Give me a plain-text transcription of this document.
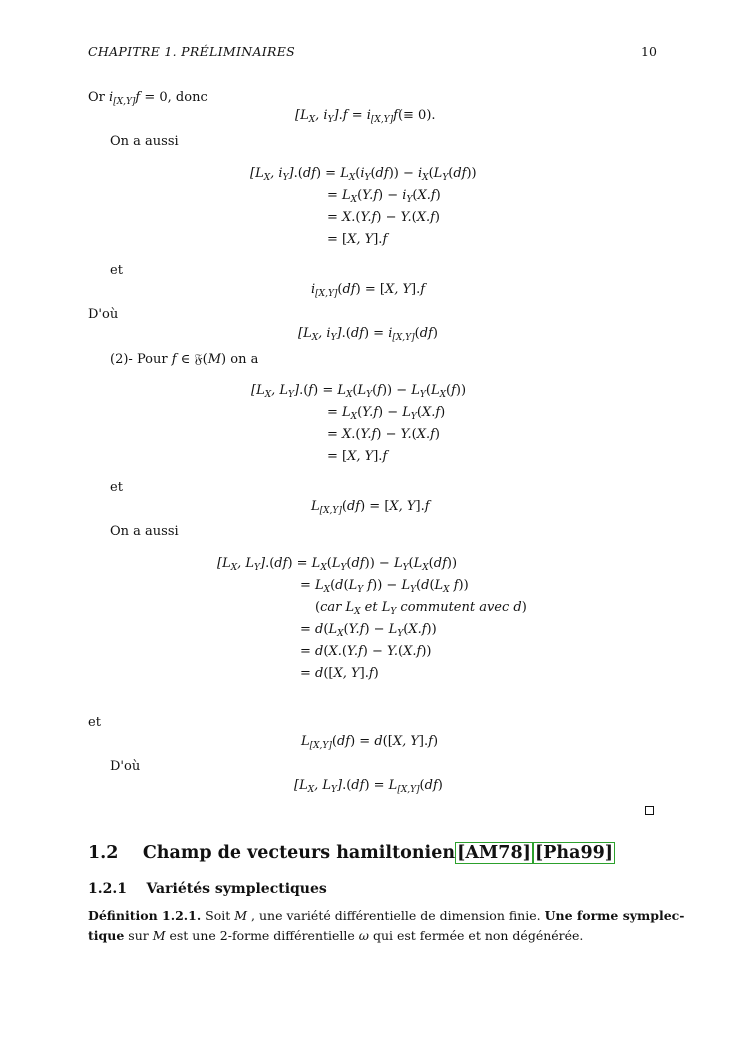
CHAPITRE 1. PRÉLIMINAIRES	10
Or $i_{[X,Y]}f = 0$, donc
[$L_X$, $i_Y].f = i_{[X,Y]}f(\equiv 0)$.
On a aussi
[$L_X$, $i_Y].(df) = L_X(i_Y(df)) - i_X(L_Y(df))$
= $L_X(Y.f) - i_Y(X.f)$
= X.(Y.f) − Y.(X.f)
= [X, Y].f
et
$i_{[X,Y]}(df) = [X$, Y].f
D'où
[$L_X$, $i_Y].(df) = i_{[X,Y]}(df)$
(2)- Pour f ∈ 𝔉(M) on a
[$L_X$, $L_Y].(f) = L_X(L_Y(f)) - L_Y(L_X(f))$
= $L_X(Y.f) - L_Y(X.f)$
= X.(Y.f) − Y.(X.f)
= [X, Y].f
et
$L_{[X,Y]}(df) = [X$, Y].f
On a aussi
[$L_X$, $L_Y].(df) = L_X(L_Y(df)) - L_Y(L_X(df))$
= $L_X(d(L_Y$ $f)) - L_Y(d(L_X$ f))
(car $L_X$ et $L_Y$ commutent avec d)
= $d(L_X(Y.f) - L_Y(X.f))$
= d(X.(Y.f) − Y.(X.f))
= d([X, Y].f)
et
$L_{[X,Y]}(df) = d([X$, Y].f)
D'où
[$L_X$, $L_Y].(df) = L_{[X,Y]}(df)$
1.2 Champ de vecteurs hamiltonien [AM78] [Pha99]
1.2.1 Variétés symplectiques
Définition 1.2.1. Soit M , une variété différentielle de dimension finie. Une forme symplec-
tique sur M est une 2-forme différentielle ω qui est fermée et non dégénérée.
